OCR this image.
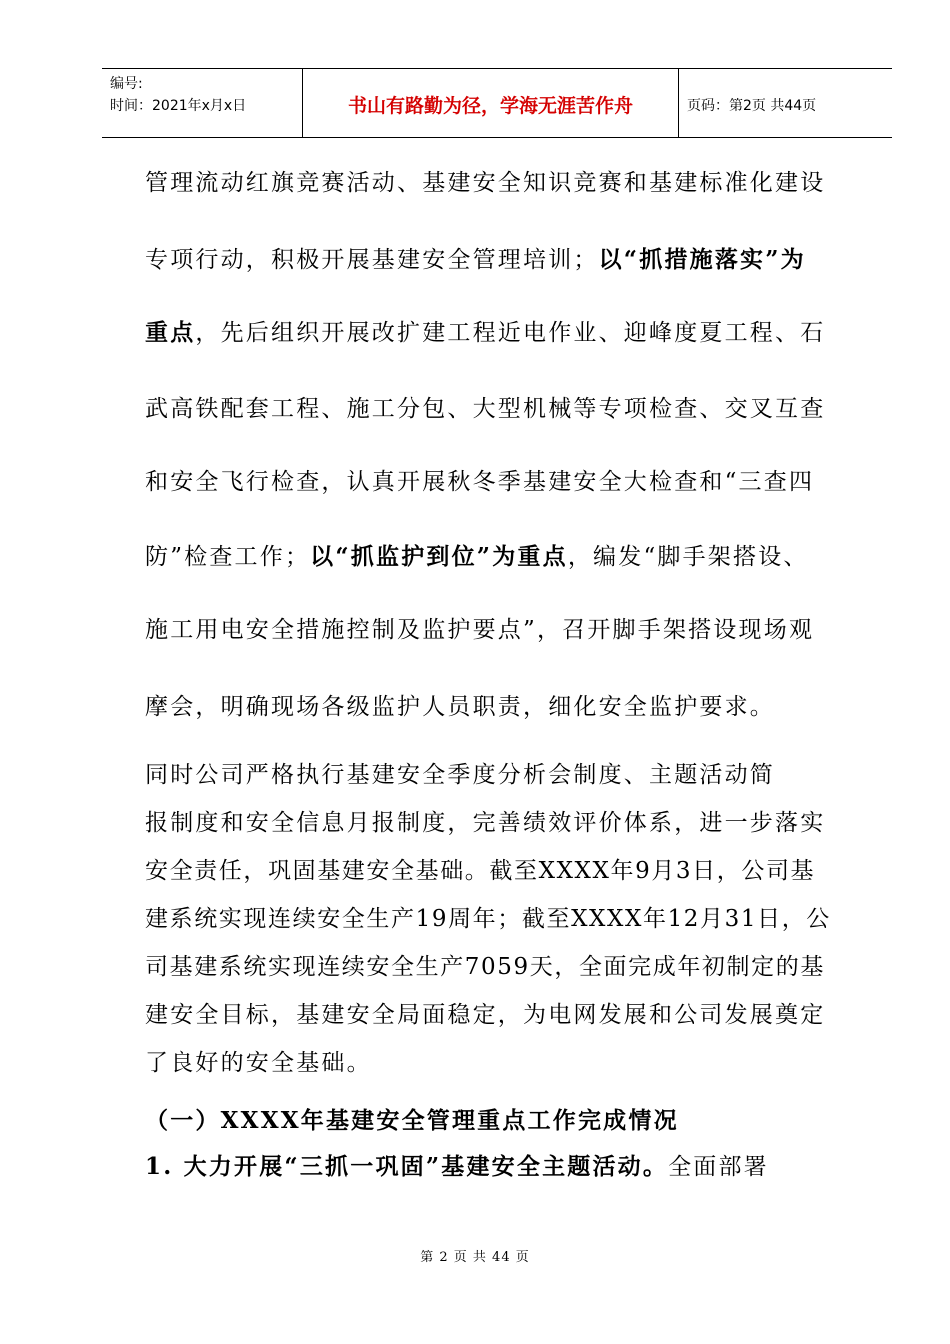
编号:
时间：2021年x月x日	书山有路勤为径，学海无涯苦作舟	页码：第2页 共44页
管理流动红旗竞赛活动、基建安全知识竞赛和基建标准化建设
专项行动，积极开展基建安全管理培训；以“抓措施落实”为
重点，先后组织开展改扩建工程近电作业、迎峰度夏工程、石
武高铁配套工程、施工分包、大型机械等专项检查、交叉互查
和安全飞行检查，认真开展秋冬季基建安全大检查和“三查四
防”检查工作；以“抓监护到位”为重点，编发“脚手架搭设、
施工用电安全措施控制及监护要点”，召开脚手架搭设现场观
摩会，明确现场各级监护人员职责，细化安全监护要求。
同时公司严格执行基建安全季度分析会制度、主题活动简
报制度和安全信息月报制度，完善绩效评价体系，进一步落实
安全责任，巩固基建安全基础。截至XXXX年9月3日，公司基
建系统实现连续安全生产19周年；截至XXXX年12月31日，公
司基建系统实现连续安全生产7059天，全面完成年初制定的基
建安全目标，基建安全局面稳定，为电网发展和公司发展奠定
了良好的安全基础。
（一）XXXX年基建安全管理重点工作完成情况
1. 大力开展“三抓一巩固”基建安全主题活动。全面部署
第 2 页 共 44 页
